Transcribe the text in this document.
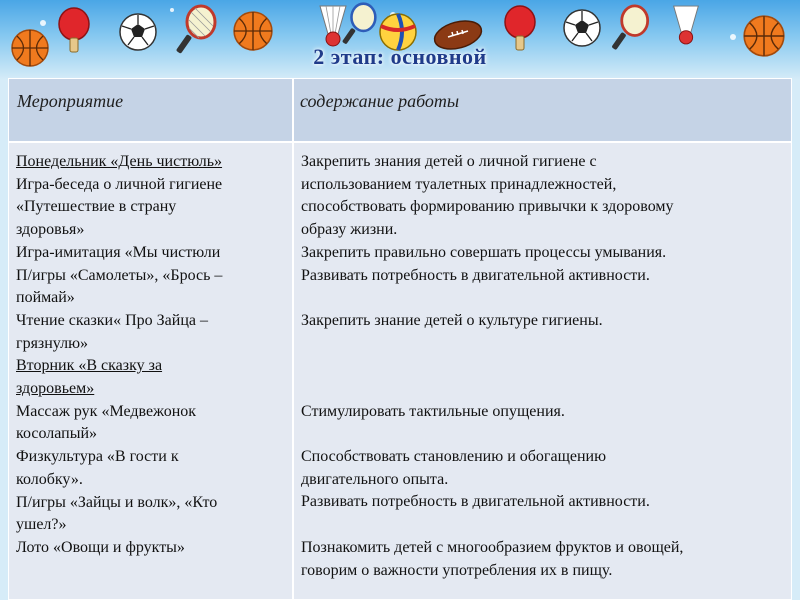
2 этап: основной
Мероприятие	содержание работы
Понедельник «День чистюль»
Игра-беседа о личной гигиене
«Путешествие в страну
здоровья»
Игра-имитация «Мы чистюли
П/игры «Самолеты», «Брось –
поймай»
Чтение сказки« Про Зайца –
грязнулю»
Вторник «В сказку за
здоровьем»
Массаж рук «Медвежонок
косолапый»
Физкультура «В гости к
колобку».
П/игры «Зайцы и волк», «Кто
ушел?»
Лото «Овощи и фрукты»
Закрепить знания детей о личной гигиене с
использованием туалетных принадлежностей,
способствовать формированию привычки к здоровому
образу жизни.
Закрепить правильно совершать процессы умывания.
Развивать потребность в двигательной активности.
Закрепить знание детей о культуре гигиены.
Стимулировать тактильные опущения.
Способствовать становлению и обогащению
двигательного опыта.
Развивать потребность в двигательной активности.
Познакомить детей с многообразием фруктов и овощей,
говорим о важности употребления их в пищу.
